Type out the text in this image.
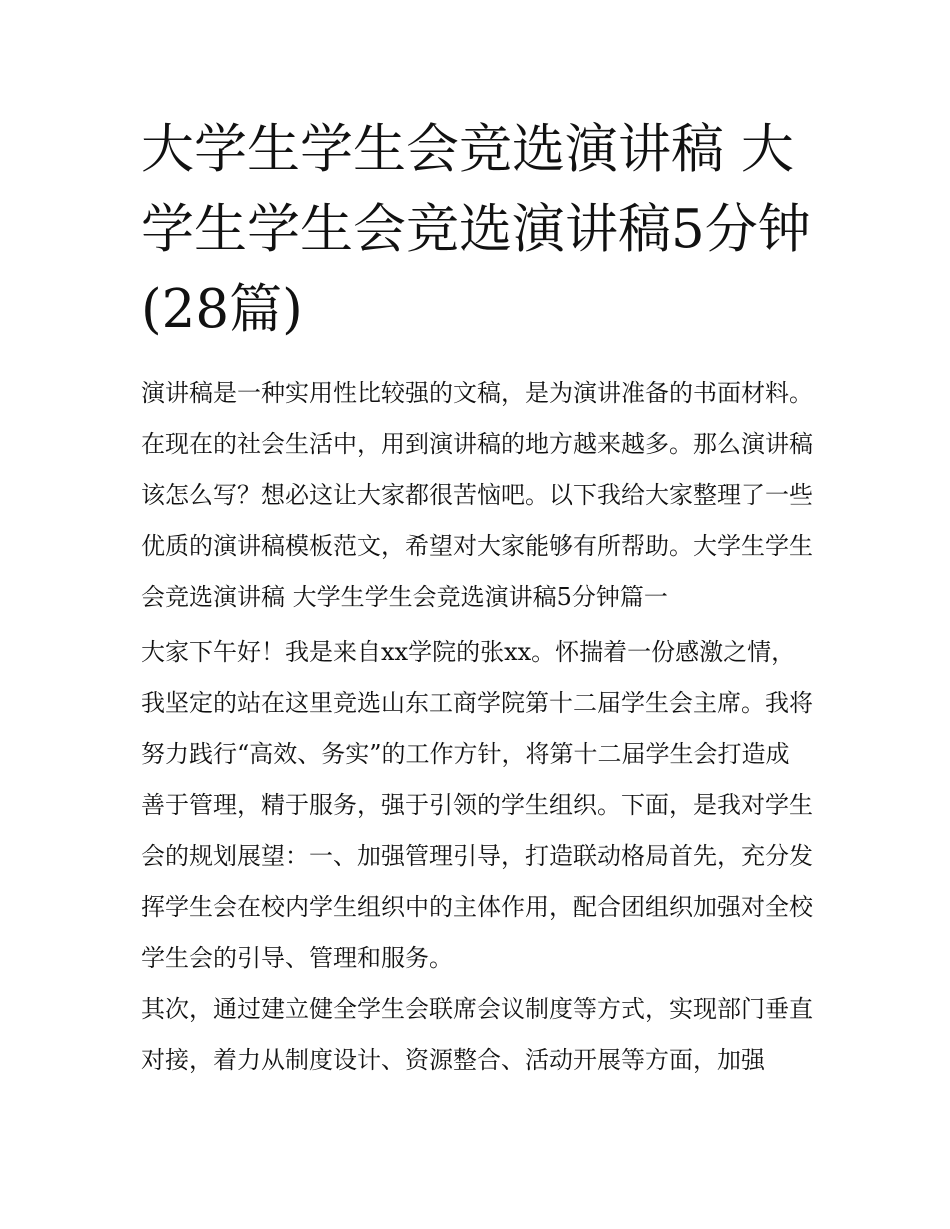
大学生学生会竞选演讲稿 大学生学生会竞选演讲稿5分钟(28篇)

演讲稿是一种实用性比较强的文稿，是为演讲准备的书面材料。在现在的社会生活中，用到演讲稿的地方越来越多。那么演讲稿该怎么写？想必这让大家都很苦恼吧。以下我给大家整理了一些优质的演讲稿模板范文，希望对大家能够有所帮助。大学生学生会竞选演讲稿 大学生学生会竞选演讲稿5分钟篇一

大家下午好！我是来自xx学院的张xx。怀揣着一份感激之情，我坚定的站在这里竞选山东工商学院第十二届学生会主席。我将努力践行“高效、务实”的工作方针，将第十二届学生会打造成善于管理，精于服务，强于引领的学生组织。下面，是我对学生会的规划展望：一、加强管理引导，打造联动格局首先，充分发挥学生会在校内学生组织中的主体作用，配合团组织加强对全校学生会的引导、管理和服务。

其次，通过建立健全学生会联席会议制度等方式，实现部门垂直对接，着力从制度设计、资源整合、活动开展等方面，加强
